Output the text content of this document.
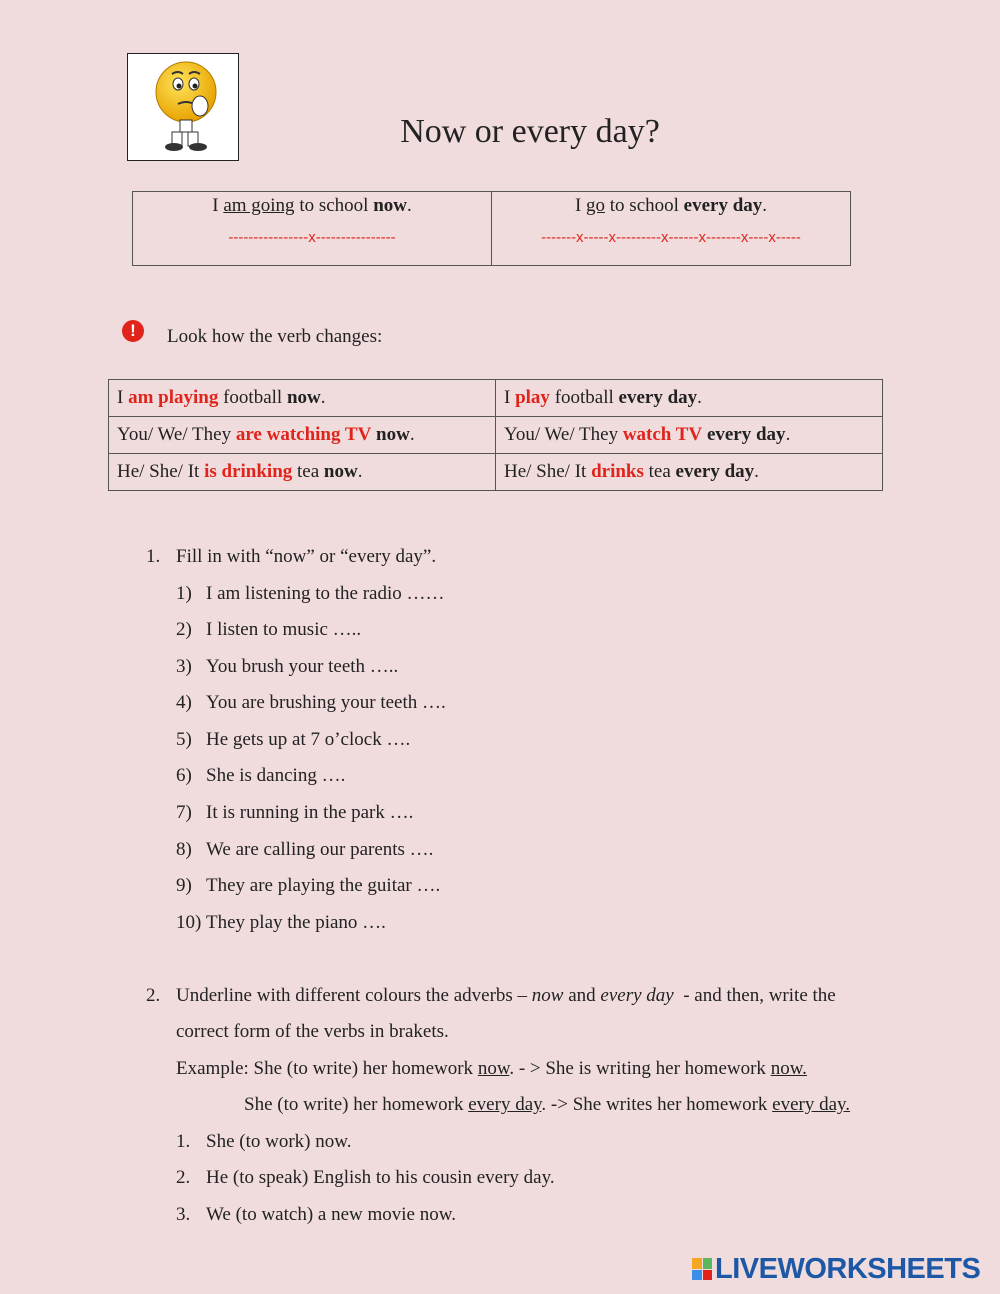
Now or every day?
I am going to school now.
----------------x----------------

I go to school every day.
-------x-----x---------x------x-------x----x-----
!	Look how the verb changes:
I am playing football now.	I play football every day.
You/ We/ They are watching TV now.	You/ We/ They watch TV every day.
He/ She/ It is drinking tea now.	He/ She/ It drinks tea every day.
1. Fill in with “now” or “every day”.
1) I am listening to the radio ……
2) I listen to music …..
3) You brush your teeth …..
4) You are brushing your teeth ….
5) He gets up at 7 o’clock ….
6) She is dancing ….
7) It is running in the park ….
8) We are calling our parents ….
9) They are playing the guitar ….
10) They play the piano ….
2. Underline with different colours the adverbs – now and every day  - and then, write the
correct form of the verbs in brakets.
Example: She (to write) her homework now. - > She is writing her homework now.
She (to write) her homework every day. -> She writes her homework every day.
1. She (to work) now.
2. He (to speak) English to his cousin every day.
3. We (to watch) a new movie now.
LIVEWORKSHEETS
